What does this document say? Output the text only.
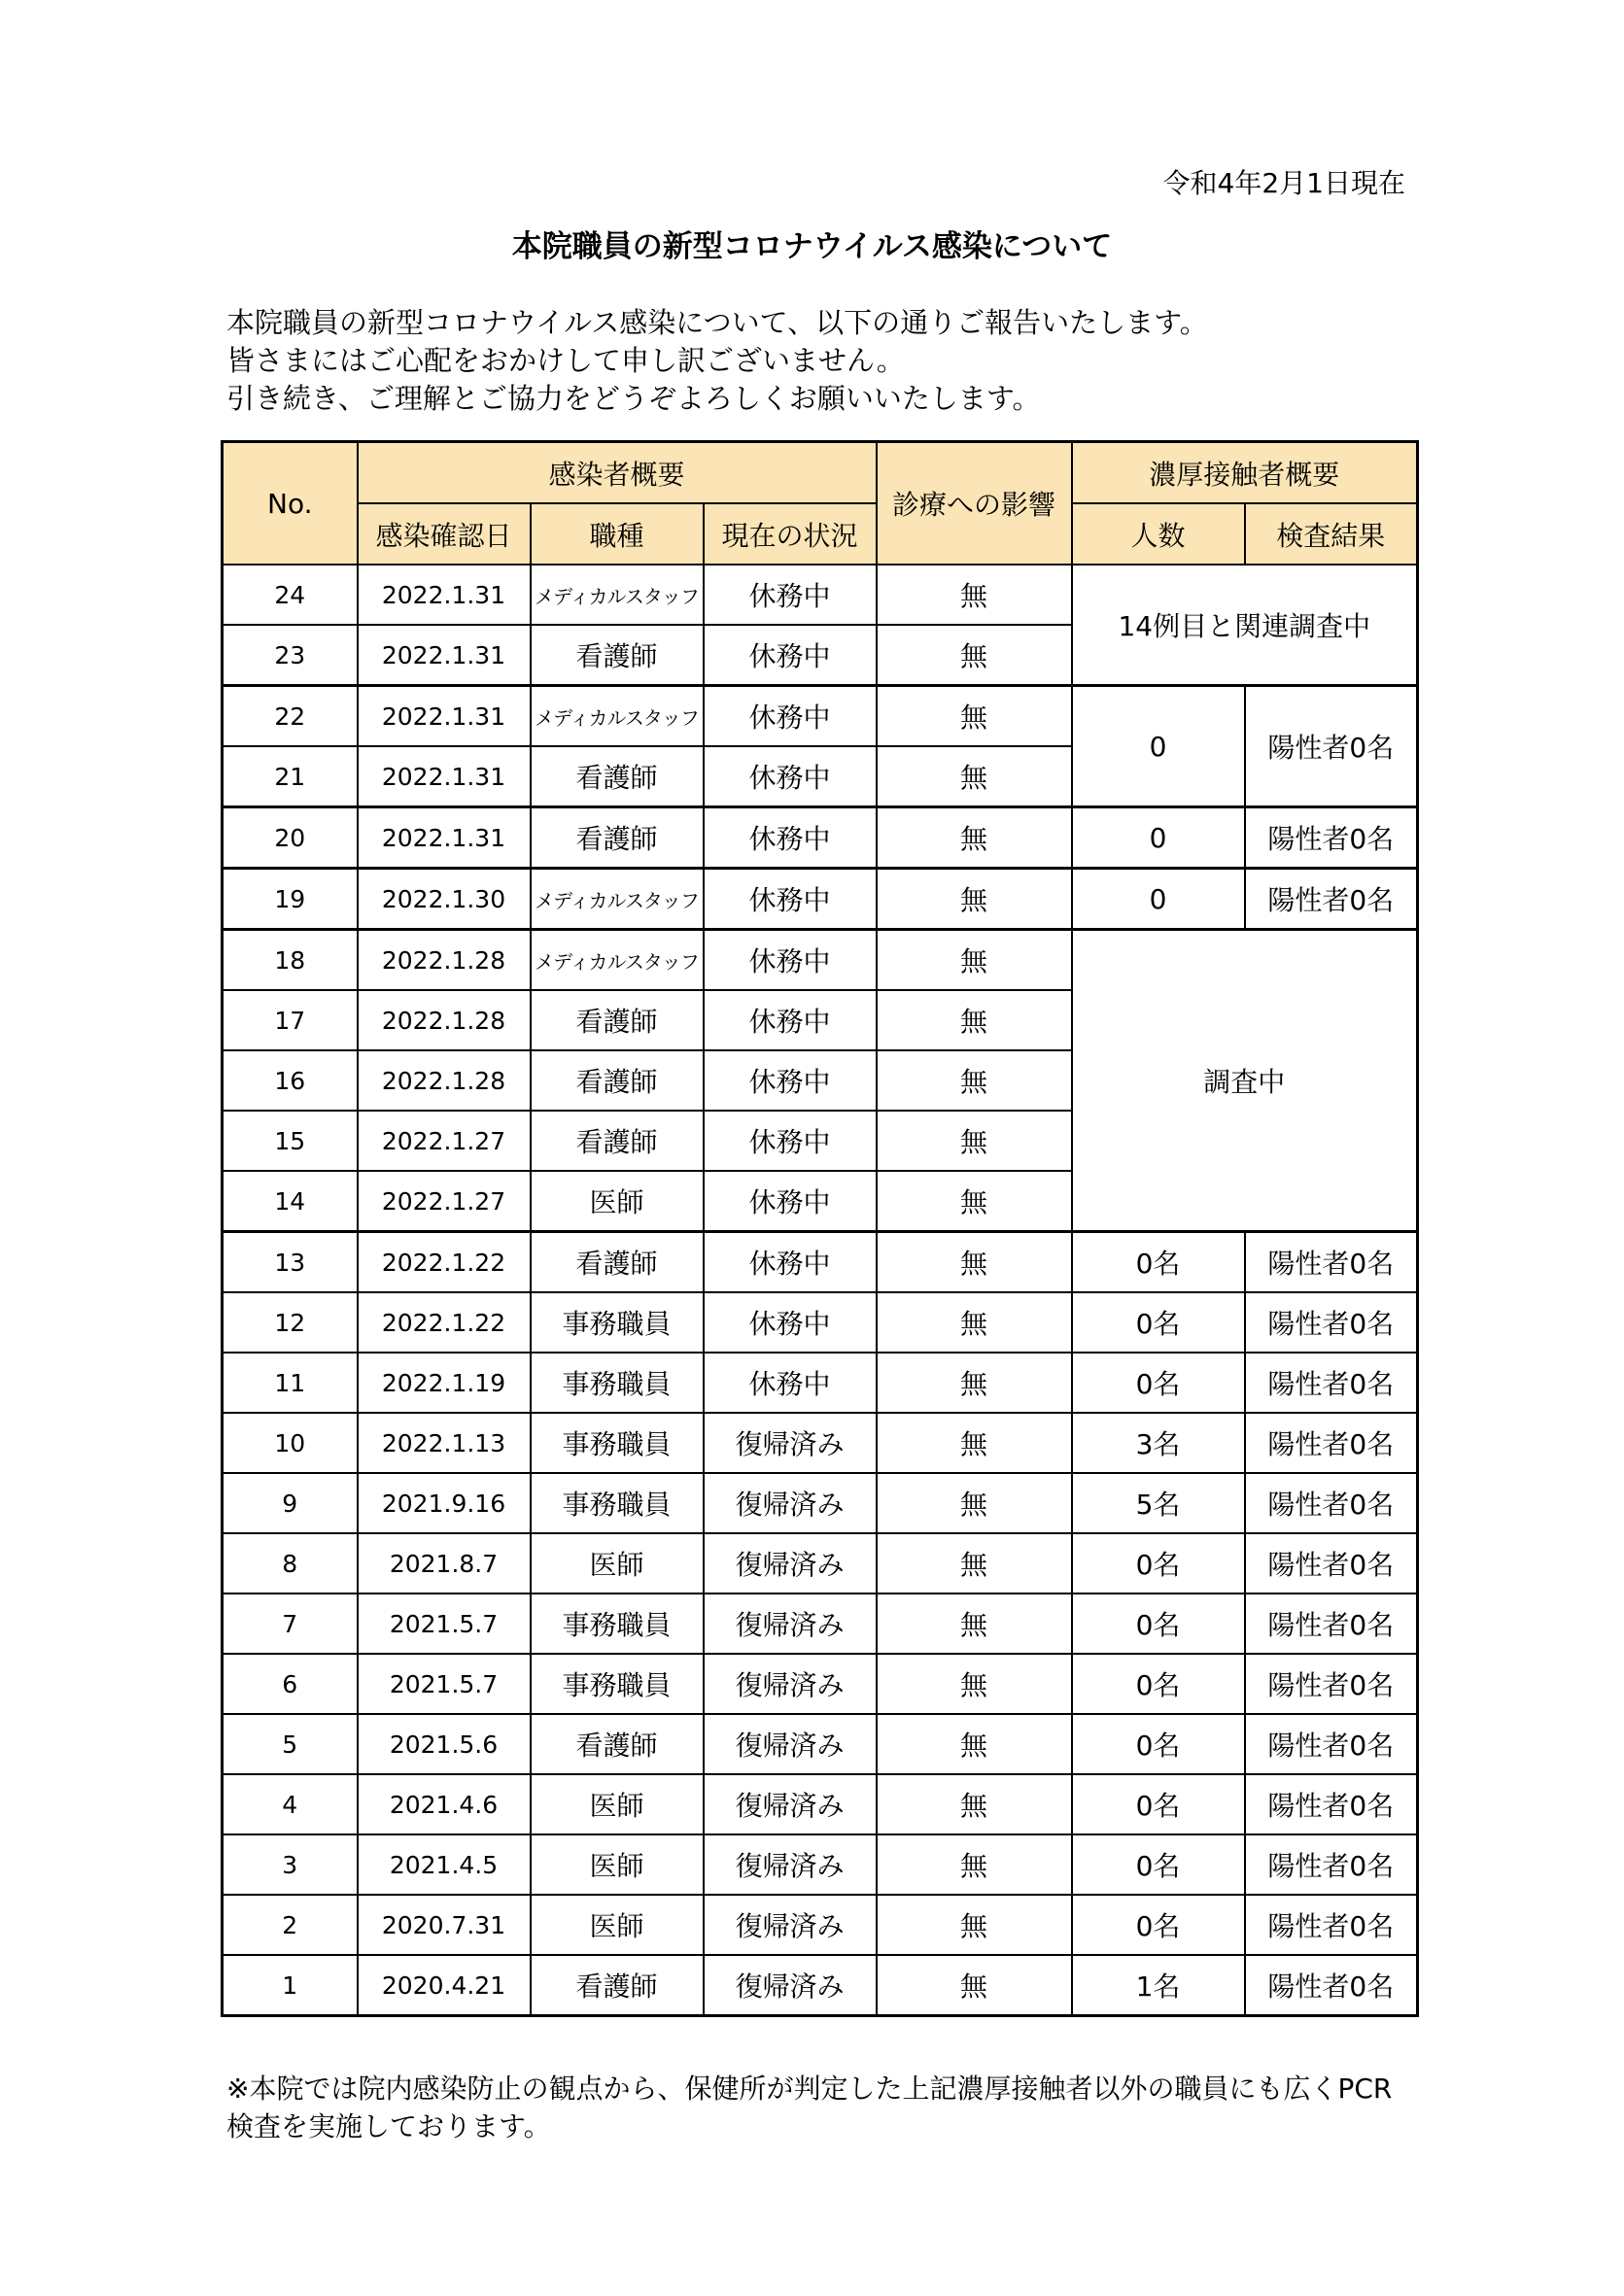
令和4年2月1日現在
本院職員の新型コロナウイルス感染について
本院職員の新型コロナウイルス感染について、以下の通りご報告いたします。
皆さまにはご心配をおかけして申し訳ございません。
引き続き、ご理解とご協力をどうぞよろしくお願いいたします。
No.	感染者概要			診療への影響	濃厚接触者概要	
	感染確認日	職種	現在の状況		人数	検査結果
24	2022.1.31	メディカルスタッフ	休務中	無	14例目と関連調査中	
23	2022.1.31	看護師	休務中	無		
22	2022.1.31	メディカルスタッフ	休務中	無	0	陽性者0名
21	2022.1.31	看護師	休務中	無		
20	2022.1.31	看護師	休務中	無	0	陽性者0名
19	2022.1.30	メディカルスタッフ	休務中	無	0	陽性者0名
18	2022.1.28	メディカルスタッフ	休務中	無	調査中	
17	2022.1.28	看護師	休務中	無		
16	2022.1.28	看護師	休務中	無		
15	2022.1.27	看護師	休務中	無		
14	2022.1.27	医師	休務中	無		
13	2022.1.22	看護師	休務中	無	0名	陽性者0名
12	2022.1.22	事務職員	休務中	無	0名	陽性者0名
11	2022.1.19	事務職員	休務中	無	0名	陽性者0名
10	2022.1.13	事務職員	復帰済み	無	3名	陽性者0名
9	2021.9.16	事務職員	復帰済み	無	5名	陽性者0名
8	2021.8.7	医師	復帰済み	無	0名	陽性者0名
7	2021.5.7	事務職員	復帰済み	無	0名	陽性者0名
6	2021.5.7	事務職員	復帰済み	無	0名	陽性者0名
5	2021.5.6	看護師	復帰済み	無	0名	陽性者0名
4	2021.4.6	医師	復帰済み	無	0名	陽性者0名
3	2021.4.5	医師	復帰済み	無	0名	陽性者0名
2	2020.7.31	医師	復帰済み	無	0名	陽性者0名
1	2020.4.21	看護師	復帰済み	無	1名	陽性者0名
※本院では院内感染防止の観点から、保健所が判定した上記濃厚接触者以外の職員にも広くPCR検査を実施しております。
